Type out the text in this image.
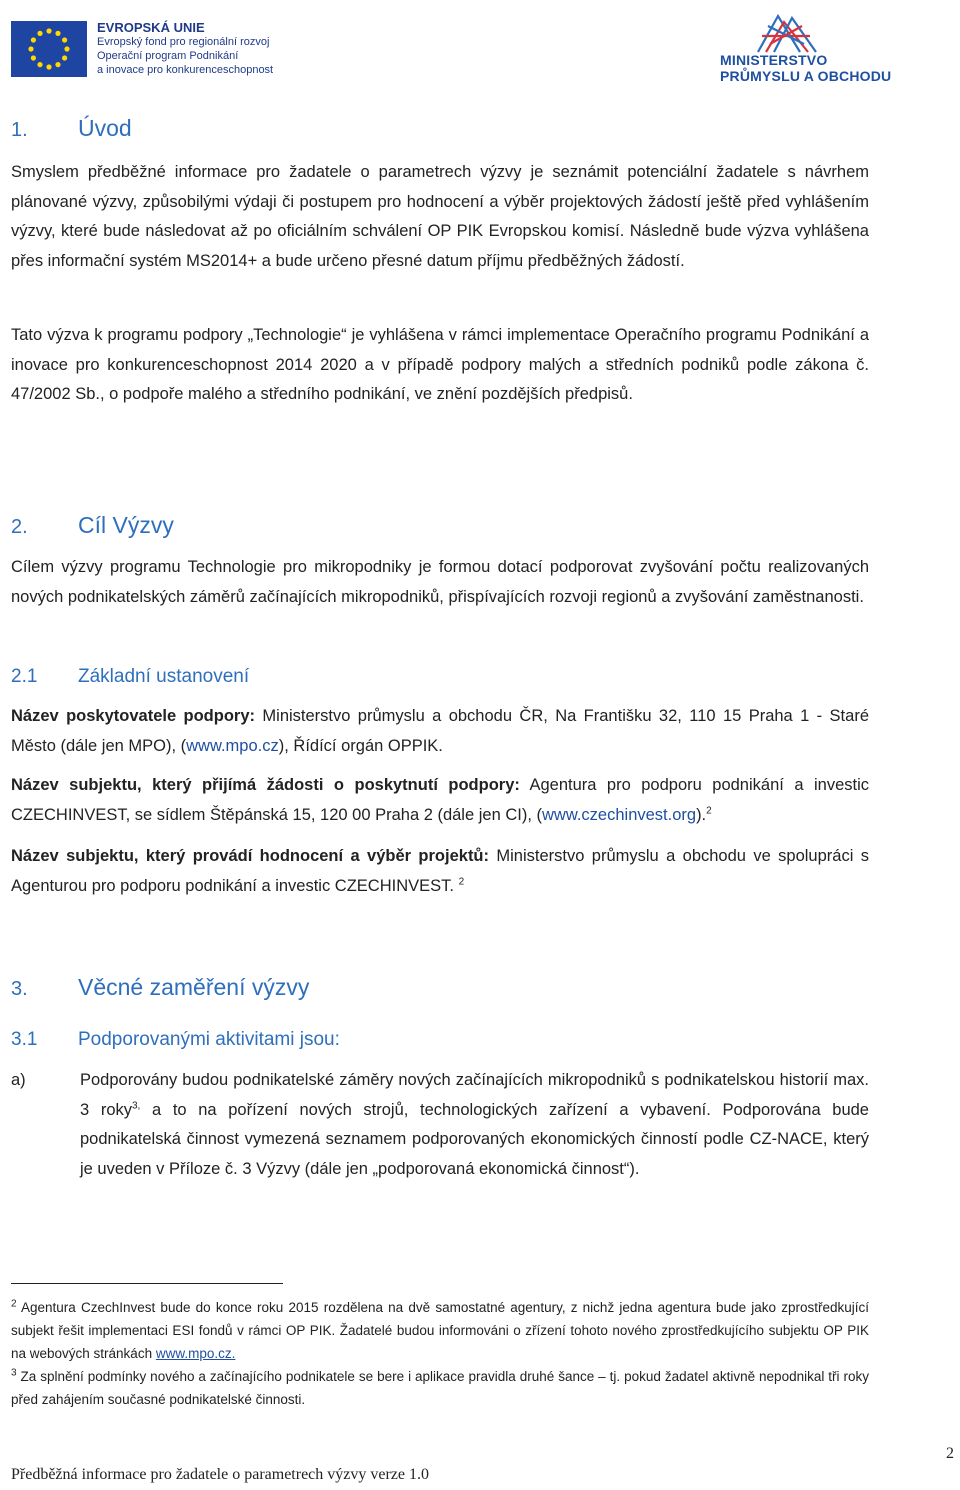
EVROPSKÁ UNIE
Evropský fond pro regionální rozvoj
Operační program Podnikání
a inovace pro konkurenceschopnost
MINISTERSTVO
PRŮMYSLU A OBCHODU
1. Úvod
Smyslem předběžné informace pro žadatele o parametrech výzvy je seznámit potenciální žadatele s návrhem plánované výzvy, způsobilými výdaji či postupem pro hodnocení a výběr projektových žádostí ještě před vyhlášením výzvy, které bude následovat až po oficiálním schválení OP PIK Evropskou komisí. Následně bude výzva vyhlášena přes informační systém MS2014+ a bude určeno přesné datum příjmu předběžných žádostí.
Tato výzva k programu podpory „Technologie“ je vyhlášena v rámci implementace Operačního programu Podnikání a inovace pro konkurenceschopnost 2014 2020 a v případě podpory malých a středních podniků podle zákona č. 47/2002 Sb., o podpoře malého a středního podnikání, ve znění pozdějších předpisů.
2. Cíl Výzvy
Cílem výzvy programu Technologie pro mikropodniky je formou dotací podporovat zvyšování počtu realizovaných nových podnikatelských záměrů začínajících mikropodniků, přispívajících rozvoji regionů a zvyšování zaměstnanosti.
2.1 Základní ustanovení
Název poskytovatele podpory: Ministerstvo průmyslu a obchodu ČR, Na Františku 32, 110 15 Praha 1 - Staré Město (dále jen MPO), (www.mpo.cz), Řídící orgán OPPIK.
Název subjektu, který přijímá žádosti o poskytnutí podpory: Agentura pro podporu podnikání a investic CZECHINVEST, se sídlem Štěpánská 15, 120 00 Praha 2 (dále jen CI), (www.czechinvest.org).$^2$
Název subjektu, který provádí hodnocení a výběr projektů: Ministerstvo průmyslu a obchodu ve spolupráci s Agenturou pro podporu podnikání a investic CZECHINVEST. $^2$
3. Věcné zaměření výzvy
3.1 Podporovanými aktivitami jsou:
a)	Podporovány budou podnikatelské záměry nových začínajících mikropodniků s podnikatelskou historií max. 3 roky$^{3,}$ a to na pořízení nových strojů, technologických zařízení a vybavení. Podporována bude podnikatelská činnost vymezená seznamem podporovaných ekonomických činností podle CZ-NACE, který je uveden v Příloze č. 3 Výzvy (dále jen „podporovaná ekonomická činnost“).
$^2$ Agentura CzechInvest bude do konce roku 2015 rozdělena na dvě samostatné agentury, z nichž jedna agentura bude jako zprostředkující subjekt řešit implementaci ESI fondů v rámci OP PIK. Žadatelé budou informováni o zřízení tohoto nového zprostředkujícího subjektu OP PIK na webových stránkách www.mpo.cz.
$^3$ Za splnění podmínky nového a začínajícího podnikatele se bere i aplikace pravidla druhé šance – tj. pokud žadatel aktivně nepodnikal tři roky před zahájením současné podnikatelské činnosti.
Předběžná informace pro žadatele o parametrech výzvy verze 1.0
2
